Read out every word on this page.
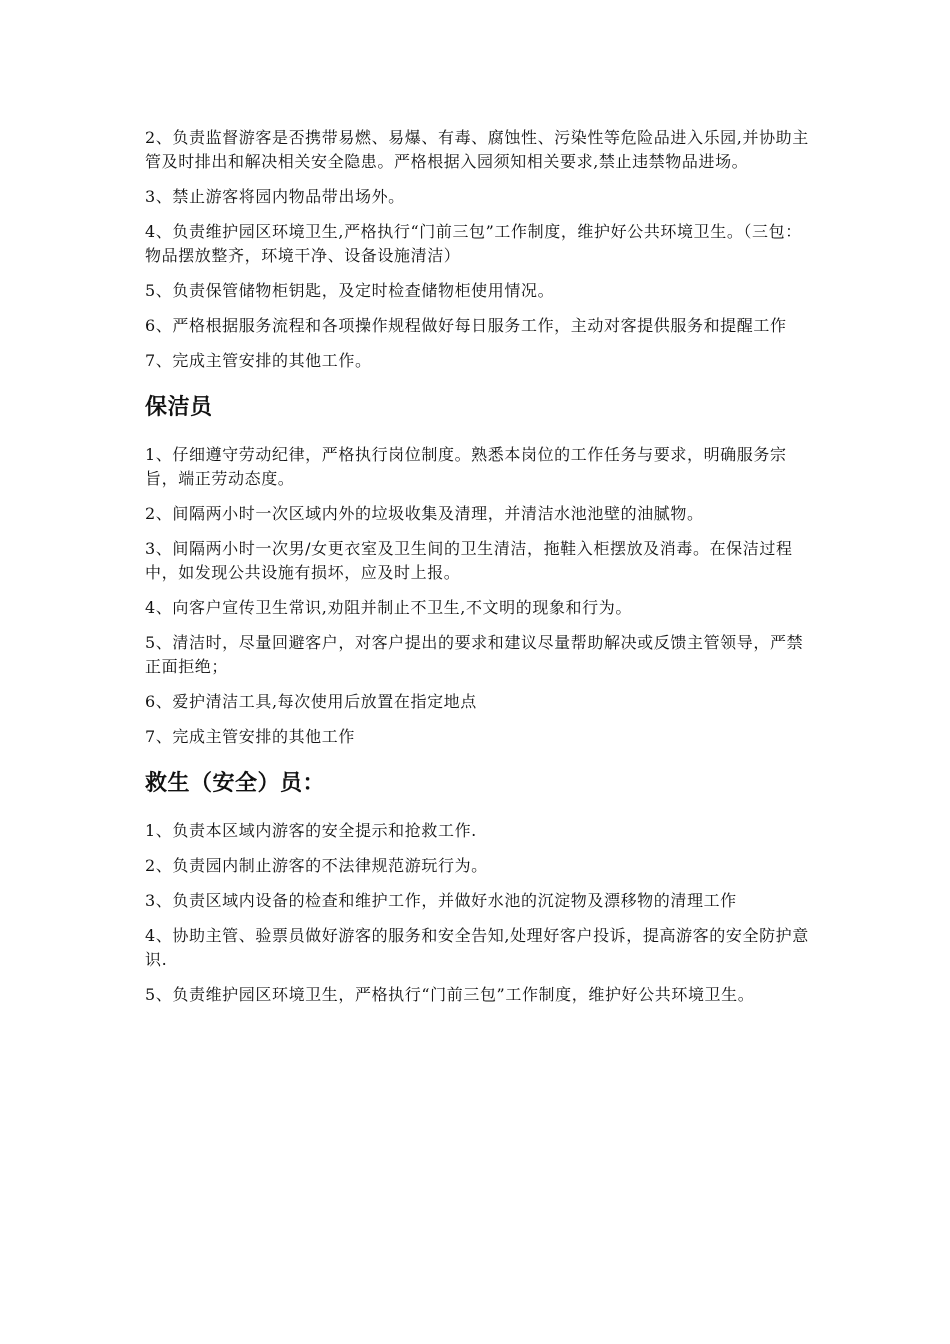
2、负责监督游客是否携带易燃、易爆、有毒、腐蚀性、污染性等危险品进入乐园,并协助主管及时排出和解决相关安全隐患。严格根据入园须知相关要求,禁止违禁物品进场。

3、禁止游客将园内物品带出场外。

4、负责维护园区环境卫生,严格执行“门前三包”工作制度，维护好公共环境卫生。（三包：物品摆放整齐，环境干净、设备设施清洁）

5、负责保管储物柜钥匙，及定时检查储物柜使用情况。

6、严格根据服务流程和各项操作规程做好每日服务工作，主动对客提供服务和提醒工作

7、完成主管安排的其他工作。

保洁员

1、仔细遵守劳动纪律，严格执行岗位制度。熟悉本岗位的工作任务与要求，明确服务宗旨，端正劳动态度。

2、间隔两小时一次区域内外的垃圾收集及清理，并清洁水池池壁的油腻物。

3、间隔两小时一次男/女更衣室及卫生间的卫生清洁，拖鞋入柜摆放及消毒。在保洁过程中，如发现公共设施有损坏，应及时上报。

4、向客户宣传卫生常识,劝阻并制止不卫生,不文明的现象和行为。

5、清洁时，尽量回避客户，对客户提出的要求和建议尽量帮助解决或反馈主管领导，严禁正面拒绝；

6、爱护清洁工具,每次使用后放置在指定地点

7、完成主管安排的其他工作

救生（安全）员：

1、负责本区域内游客的安全提示和抢救工作.

2、负责园内制止游客的不法律规范游玩行为。

3、负责区域内设备的检查和维护工作，并做好水池的沉淀物及漂移物的清理工作

4、协助主管、验票员做好游客的服务和安全告知,处理好客户投诉，提高游客的安全防护意识.

5、负责维护园区环境卫生，严格执行“门前三包”工作制度，维护好公共环境卫生。
